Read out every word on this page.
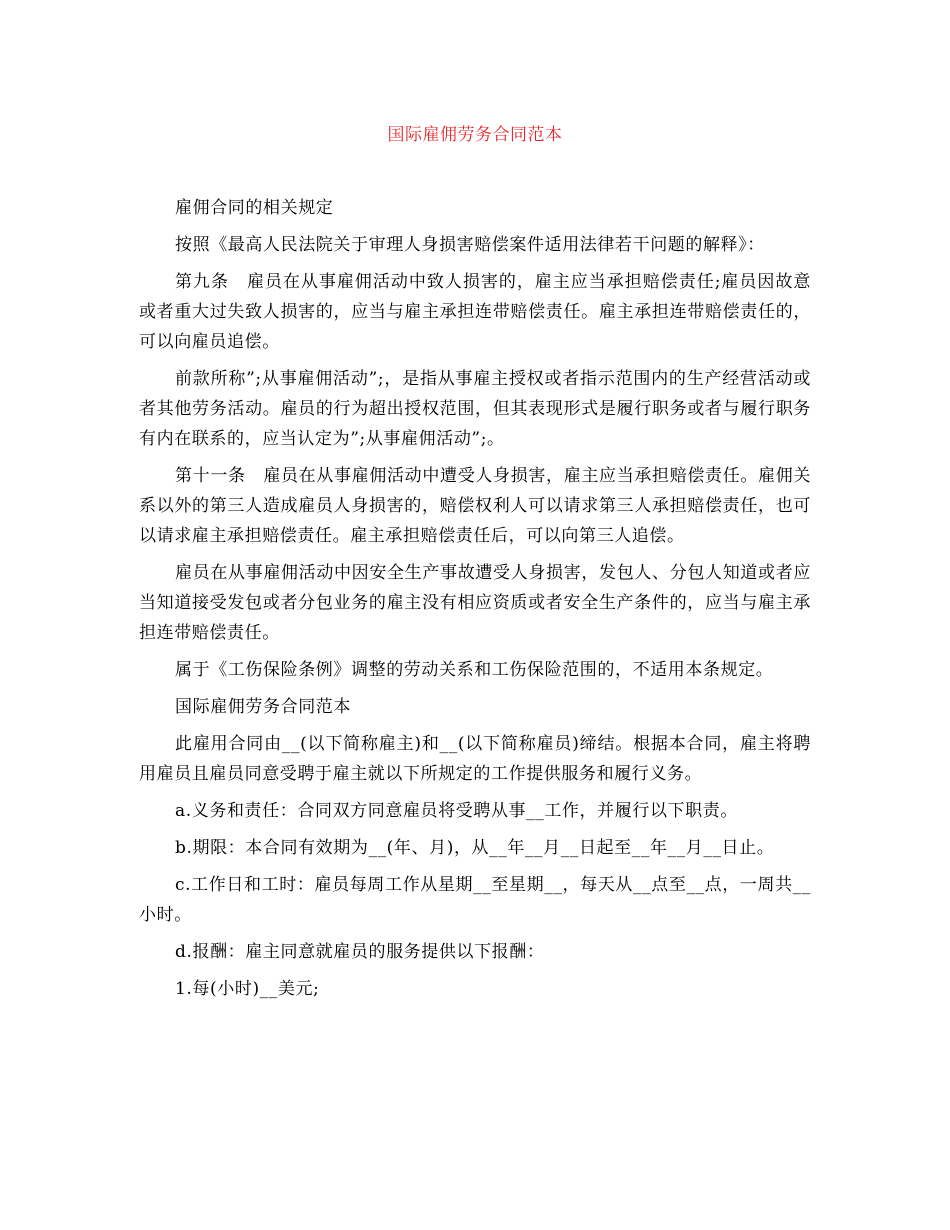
国际雇佣劳务合同范本

雇佣合同的相关规定

按照《最高人民法院关于审理人身损害赔偿案件适用法律若干问题的解释》：

第九条　雇员在从事雇佣活动中致人损害的，雇主应当承担赔偿责任;雇员因故意或者重大过失致人损害的，应当与雇主承担连带赔偿责任。雇主承担连带赔偿责任的，可以向雇员追偿。

前款所称”;从事雇佣活动”;，是指从事雇主授权或者指示范围内的生产经营活动或者其他劳务活动。雇员的行为超出授权范围，但其表现形式是履行职务或者与履行职务有内在联系的，应当认定为”;从事雇佣活动”;。

第十一条　雇员在从事雇佣活动中遭受人身损害，雇主应当承担赔偿责任。雇佣关系以外的第三人造成雇员人身损害的，赔偿权利人可以请求第三人承担赔偿责任，也可以请求雇主承担赔偿责任。雇主承担赔偿责任后，可以向第三人追偿。

雇员在从事雇佣活动中因安全生产事故遭受人身损害，发包人、分包人知道或者应当知道接受发包或者分包业务的雇主没有相应资质或者安全生产条件的，应当与雇主承担连带赔偿责任。

属于《工伤保险条例》调整的劳动关系和工伤保险范围的，不适用本条规定。

国际雇佣劳务合同范本

此雇用合同由__(以下简称雇主)和__(以下简称雇员)缔结。根据本合同，雇主将聘用雇员且雇员同意受聘于雇主就以下所规定的工作提供服务和履行义务。

a.义务和责任：合同双方同意雇员将受聘从事__工作，并履行以下职责。

b.期限：本合同有效期为__(年、月)，从__年__月__日起至__年__月__日止。

c.工作日和工时：雇员每周工作从星期__至星期__，每天从__点至__点，一周共__小时。

d.报酬：雇主同意就雇员的服务提供以下报酬：

1.每(小时)__美元;
